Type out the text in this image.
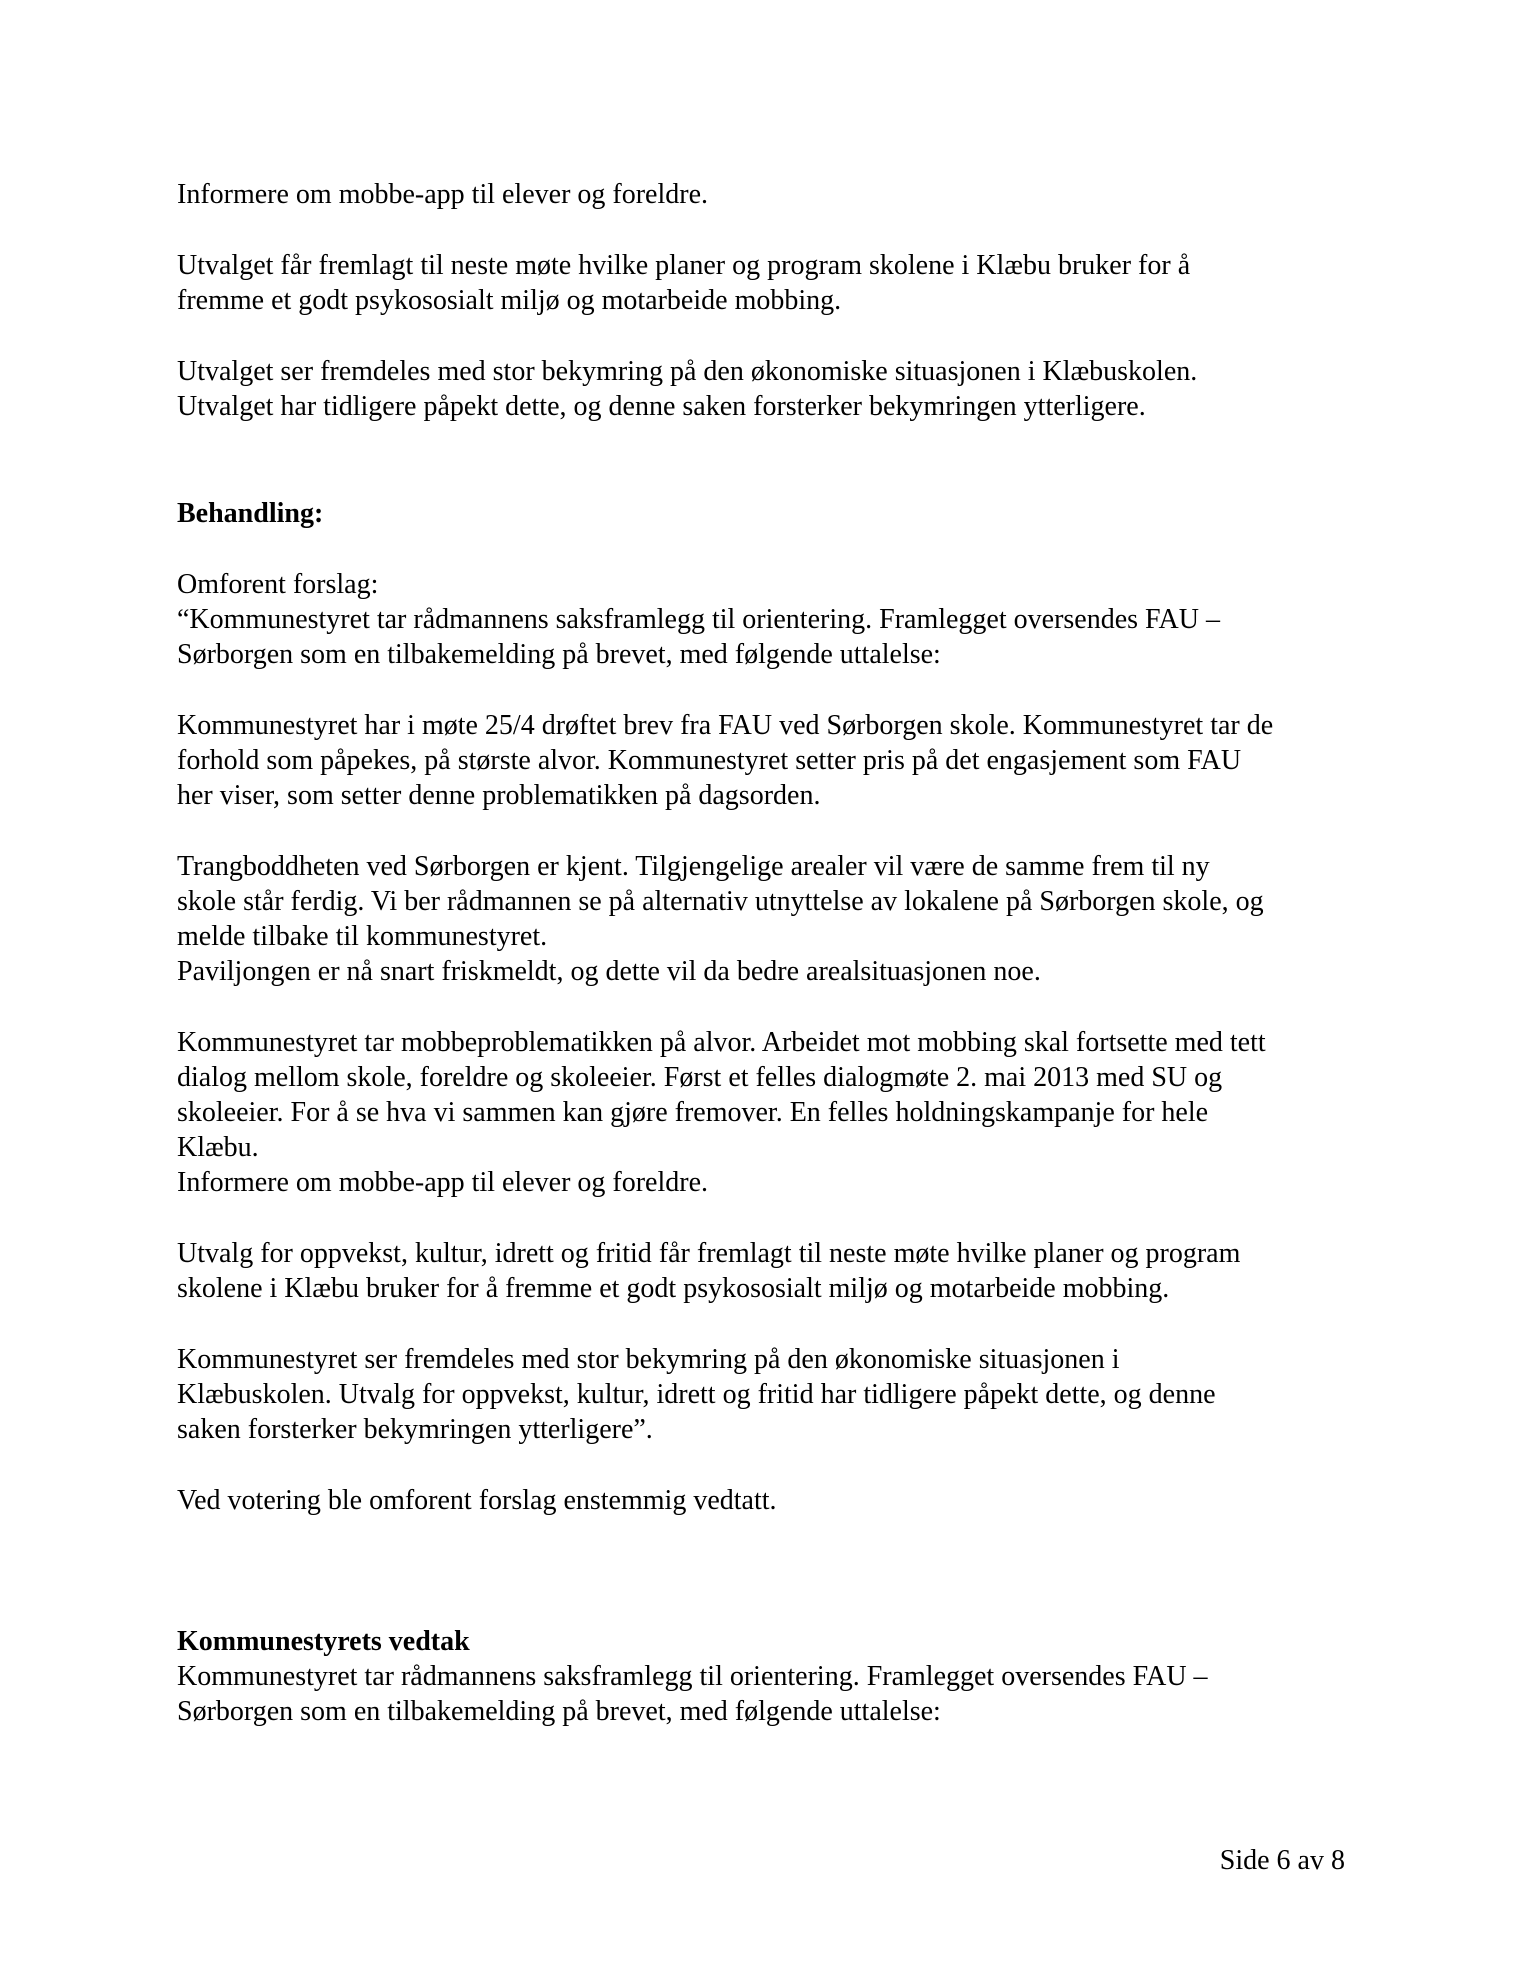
Informere om mobbe-app til elever og foreldre.
Utvalget får fremlagt til neste møte hvilke planer og program skolene i Klæbu bruker for å
fremme et godt psykososialt miljø og motarbeide mobbing.
Utvalget ser fremdeles med stor bekymring på den økonomiske situasjonen i Klæbuskolen.
Utvalget har tidligere påpekt dette, og denne saken forsterker bekymringen ytterligere.
Behandling:
Omforent forslag:
“Kommunestyret tar rådmannens saksframlegg til orientering. Framlegget oversendes FAU –
Sørborgen som en tilbakemelding på brevet, med følgende uttalelse:
Kommunestyret har i møte 25/4 drøftet brev fra FAU ved Sørborgen skole. Kommunestyret tar de
forhold som påpekes, på største alvor. Kommunestyret setter pris på det engasjement som FAU
her viser, som setter denne problematikken på dagsorden.
Trangboddheten ved Sørborgen er kjent. Tilgjengelige arealer vil være de samme frem til ny
skole står ferdig. Vi ber rådmannen se på alternativ utnyttelse av lokalene på Sørborgen skole, og
melde tilbake til kommunestyret.
Paviljongen er nå snart friskmeldt, og dette vil da bedre arealsituasjonen noe.
Kommunestyret tar mobbeproblematikken på alvor. Arbeidet mot mobbing skal fortsette med tett
dialog mellom skole, foreldre og skoleeier. Først et felles dialogmøte 2. mai 2013 med SU og
skoleeier. For å se hva vi sammen kan gjøre fremover. En felles holdningskampanje for hele
Klæbu.
Informere om mobbe-app til elever og foreldre.
Utvalg for oppvekst, kultur, idrett og fritid får fremlagt til neste møte hvilke planer og program
skolene i Klæbu bruker for å fremme et godt psykososialt miljø og motarbeide mobbing.
Kommunestyret ser fremdeles med stor bekymring på den økonomiske situasjonen i
Klæbuskolen. Utvalg for oppvekst, kultur, idrett og fritid har tidligere påpekt dette, og denne
saken forsterker bekymringen ytterligere”.
Ved votering ble omforent forslag enstemmig vedtatt.
Kommunestyrets vedtak
Kommunestyret tar rådmannens saksframlegg til orientering. Framlegget oversendes FAU –
Sørborgen som en tilbakemelding på brevet, med følgende uttalelse:
Side 6 av 8
